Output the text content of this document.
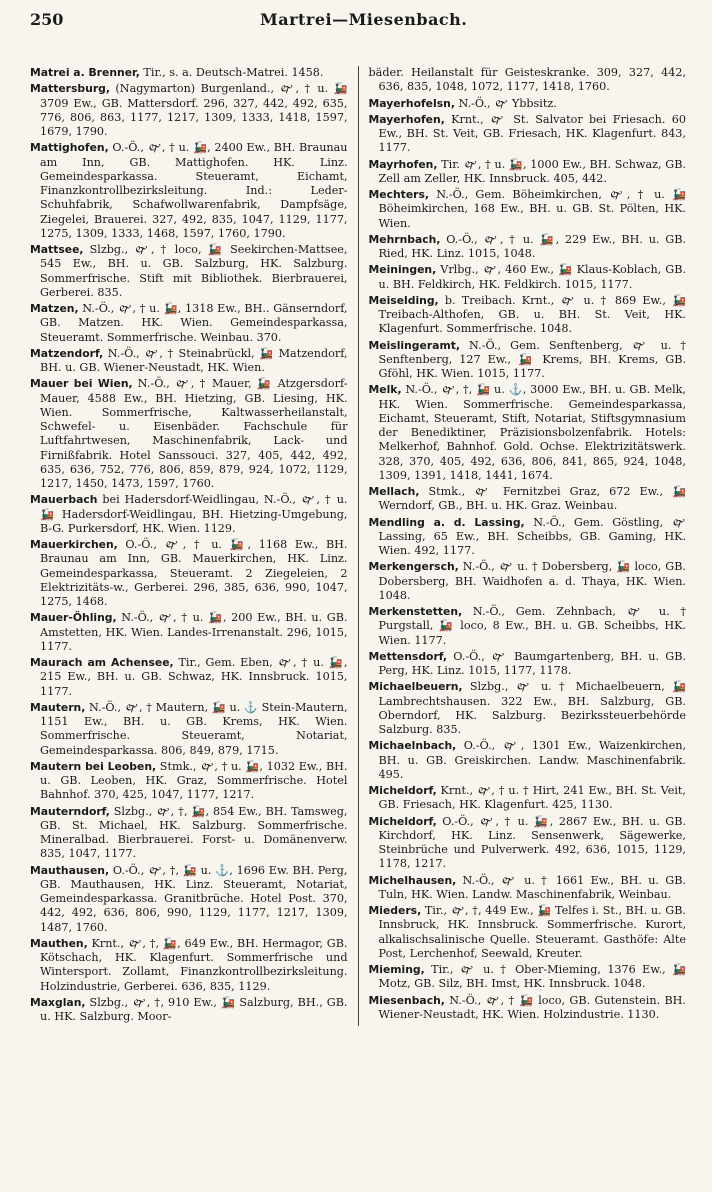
250	Martrei—Miesenbach.

Matrei a. Brenner, Tir., s. a. Deutsch-Matrei. 1458.

Mattersburg, (Nagymarton) Burgenland., 🙰, † u. 🚂 3709 Ew., GB. Mattersdorf. 296, 327, 442, 492, 635, 776, 806, 863, 1177, 1217, 1309, 1333, 1418, 1597, 1679, 1790.

Mattighofen, O.-Ö., 🙰, † u. 🚂, 2400 Ew., BH. Braunau am Inn, GB. Mattighofen. HK. Linz. Gemeindesparkassa. Steueramt, Eichamt, Finanzkontrollbezirksleitung. Ind.: Leder-Schuhfabrik, Schafwollwarenfabrik, Dampfsäge, Ziegelei, Brauerei. 327, 492, 835, 1047, 1129, 1177, 1275, 1309, 1333, 1468, 1597, 1760, 1790.

Mattsee, Slzbg., 🙰, † loco, 🚂 Seekirchen-Mattsee, 545 Ew., BH. u. GB. Salzburg, HK. Salzburg. Sommerfrische. Stift mit Bibliothek. Bierbrauerei, Gerberei. 835.

Matzen, N.-Ö., 🙰, † u. 🚂, 1318 Ew., BH.. Gänserndorf, GB. Matzen. HK. Wien. Gemeindesparkassa, Steueramt. Sommerfrische. Weinbau. 370.

Matzendorf, N.-Ö., 🙰, † Steinabrückl, 🚂 Matzendorf, BH. u. GB. Wiener-Neustadt, HK. Wien.

Mauer bei Wien, N.-Ö., 🙰, † Mauer, 🚂 Atzgersdorf-Mauer, 4588 Ew., BH. Hietzing, GB. Liesing, HK. Wien. Sommerfrische, Kaltwasserheilanstalt, Schwefel- u. Eisenbäder. Fachschule für Luftfahrtwesen, Maschinenfabrik, Lack- und Firnißfabrik. Hotel Sanssouci. 327, 405, 442, 492, 635, 636, 752, 776, 806, 859, 879, 924, 1072, 1129, 1217, 1450, 1473, 1597, 1760.

Mauerbach bei Hadersdorf-Weidlingau, N.-Ö., 🙰, † u. 🚂 Hadersdorf-Weidlingau, BH. Hietzing-Umgebung, B-G. Purkersdorf, HK. Wien. 1129.

Mauerkirchen, O.-Ö., 🙰, † u. 🚂, 1168 Ew., BH. Braunau am Inn, GB. Mauerkirchen, HK. Linz. Gemeindesparkassa, Steueramt. 2 Ziegeleien, 2 Elektrizitäts-w., Gerberei. 296, 385, 636, 990, 1047, 1275, 1468.

Mauer-Öhling, N.-Ö., 🙰, † u. 🚂, 200 Ew., BH. u. GB. Amstetten, HK. Wien. Landes-Irrenanstalt. 296, 1015, 1177.

Maurach am Achensee, Tir., Gem. Eben, 🙰, † u. 🚂, 215 Ew., BH. u. GB. Schwaz, HK. Innsbruck. 1015, 1177.

Mautern, N.-Ö., 🙰, † Mautern, 🚂 u. ⚓ Stein-Mautern, 1151 Ew., BH. u. GB. Krems, HK. Wien. Sommerfrische. Steueramt, Notariat, Gemeindesparkassa. 806, 849, 879, 1715.

Mautern bei Leoben, Stmk., 🙰, † u. 🚂, 1032 Ew., BH. u. GB. Leoben, HK. Graz, Sommerfrische. Hotel Bahnhof. 370, 425, 1047, 1177, 1217.

Mauterndorf, Slzbg., 🙰, †, 🚂, 854 Ew., BH. Tamsweg, GB. St. Michael, HK. Salzburg. Sommerfrische. Mineralbad. Bierbrauerei. Forst- u. Domänenverw. 835, 1047, 1177.

Mauthausen, O.-Ö., 🙰, †, 🚂 u. ⚓, 1696 Ew. BH. Perg, GB. Mauthausen, HK. Linz. Steueramt, Notariat, Gemeindesparkassa. Granitbrüche. Hotel Post. 370, 442, 492, 636, 806, 990, 1129, 1177, 1217, 1309, 1487, 1760.

Mauthen, Krnt., 🙰, †, 🚂, 649 Ew., BH. Hermagor, GB. Kötschach, HK. Klagenfurt. Sommerfrische und Wintersport. Zollamt, Finanzkontrollbezirksleitung. Holzindustrie, Gerberei. 636, 835, 1129.

Maxglan, Slzbg., 🙰, †, 910 Ew., 🚂 Salzburg, BH., GB. u. HK. Salzburg. Moor-

bäder. Heilanstalt für Geisteskranke. 309, 327, 442, 636, 835, 1048, 1072, 1177, 1418, 1760.

Mayerhofelsn, N.-Ö., 🙰 Ybbsitz.

Mayerhofen, Krnt., 🙰 St. Salvator bei Friesach. 60 Ew., BH. St. Veit, GB. Friesach, HK. Klagenfurt. 843, 1177.

Mayrhofen, Tir. 🙰, † u. 🚂, 1000 Ew., BH. Schwaz, GB. Zell am Zeller, HK. Innsbruck. 405, 442.

Mechters, N.-Ö., Gem. Böheimkirchen, 🙰, † u. 🚂 Böheimkirchen, 168 Ew., BH. u. GB. St. Pölten, HK. Wien.

Mehrnbach, O.-Ö., 🙰, † u. 🚂, 229 Ew., BH. u. GB. Ried, HK. Linz. 1015, 1048.

Meiningen, Vrlbg., 🙰, 460 Ew., 🚂 Klaus-Koblach, GB. u. BH. Feldkirch, HK. Feldkirch. 1015, 1177.

Meiselding, b. Treibach. Krnt., 🙰 u. † 869 Ew., 🚂 Treibach-Althofen, GB. u. BH. St. Veit, HK. Klagenfurt. Sommerfrische. 1048.

Meislingeramt, N.-Ö., Gem. Senftenberg, 🙰 u. † Senftenberg, 127 Ew., 🚂 Krems, BH. Krems, GB. Gföhl, HK. Wien. 1015, 1177.

Melk, N.-Ö., 🙰, †, 🚂 u. ⚓, 3000 Ew., BH. u. GB. Melk, HK. Wien. Sommerfrische. Gemeindesparkassa, Eichamt, Steueramt, Stift, Notariat, Stiftsgymnasium der Benediktiner, Präzisionsbolzenfabrik. Hotels: Melkerhof, Bahnhof. Gold. Ochse. Elektrizitätswerk. 328, 370, 405, 492, 636, 806, 841, 865, 924, 1048, 1309, 1391, 1418, 1441, 1674.

Mellach, Stmk., 🙰 Fernitzbei Graz, 672 Ew., 🚂 Werndorf, GB., BH. u. HK. Graz. Weinbau.

Mendling a. d. Lassing, N.-Ö., Gem. Göstling, 🙰 Lassing, 65 Ew., BH. Scheibbs, GB. Gaming, HK. Wien. 492, 1177.

Merkengersch, N.-Ö., 🙰 u. † Dobersberg, 🚂 loco, GB. Dobersberg, BH. Waidhofen a. d. Thaya, HK. Wien. 1048.

Merkenstetten, N.-Ö., Gem. Zehnbach, 🙰 u. † Purgstall, 🚂 loco, 8 Ew., BH. u. GB. Scheibbs, HK. Wien. 1177.

Mettensdorf, O.-Ö., 🙰 Baumgartenberg, BH. u. GB. Perg, HK. Linz. 1015, 1177, 1178.

Michaelbeuern, Slzbg., 🙰 u. † Michaelbeuern, 🚂 Lambrechtshausen. 322 Ew., BH. Salzburg, GB. Oberndorf, HK. Salzburg. Bezirkssteuerbehörde Salzburg. 835.

Michaelnbach, O.-Ö., 🙰, 1301 Ew., Waizenkirchen, BH. u. GB. Greiskirchen. Landw. Maschinenfabrik. 495.

Micheldorf, Krnt., 🙰, † u. † Hirt, 241 Ew., BH. St. Veit, GB. Friesach, HK. Klagenfurt. 425, 1130.

Micheldorf, O.-Ö., 🙰, † u. 🚂, 2867 Ew., BH. u. GB. Kirchdorf, HK. Linz. Sensenwerk, Sägewerke, Steinbrüche und Pulverwerk. 492, 636, 1015, 1129, 1178, 1217.

Michelhausen, N.-Ö., 🙰 u. † 1661 Ew., BH. u. GB. Tuln, HK. Wien. Landw. Maschinenfabrik, Weinbau.

Mieders, Tir., 🙰, †, 449 Ew., 🚂 Telfes i. St., BH. u. GB. Innsbruck, HK. Innsbruck. Sommerfrische. Kurort, alkalischsalinische Quelle. Steueramt. Gasthöfe: Alte Post, Lerchenhof, Seewald, Kreuter.

Mieming, Tir., 🙰 u. † Ober-Mieming, 1376 Ew., 🚂 Motz, GB. Silz, BH. Imst, HK. Innsbruck. 1048.

Miesenbach, N.-Ö., 🙰, † 🚂 loco, GB. Gutenstein. BH. Wiener-Neustadt, HK. Wien. Holzindustrie. 1130.
